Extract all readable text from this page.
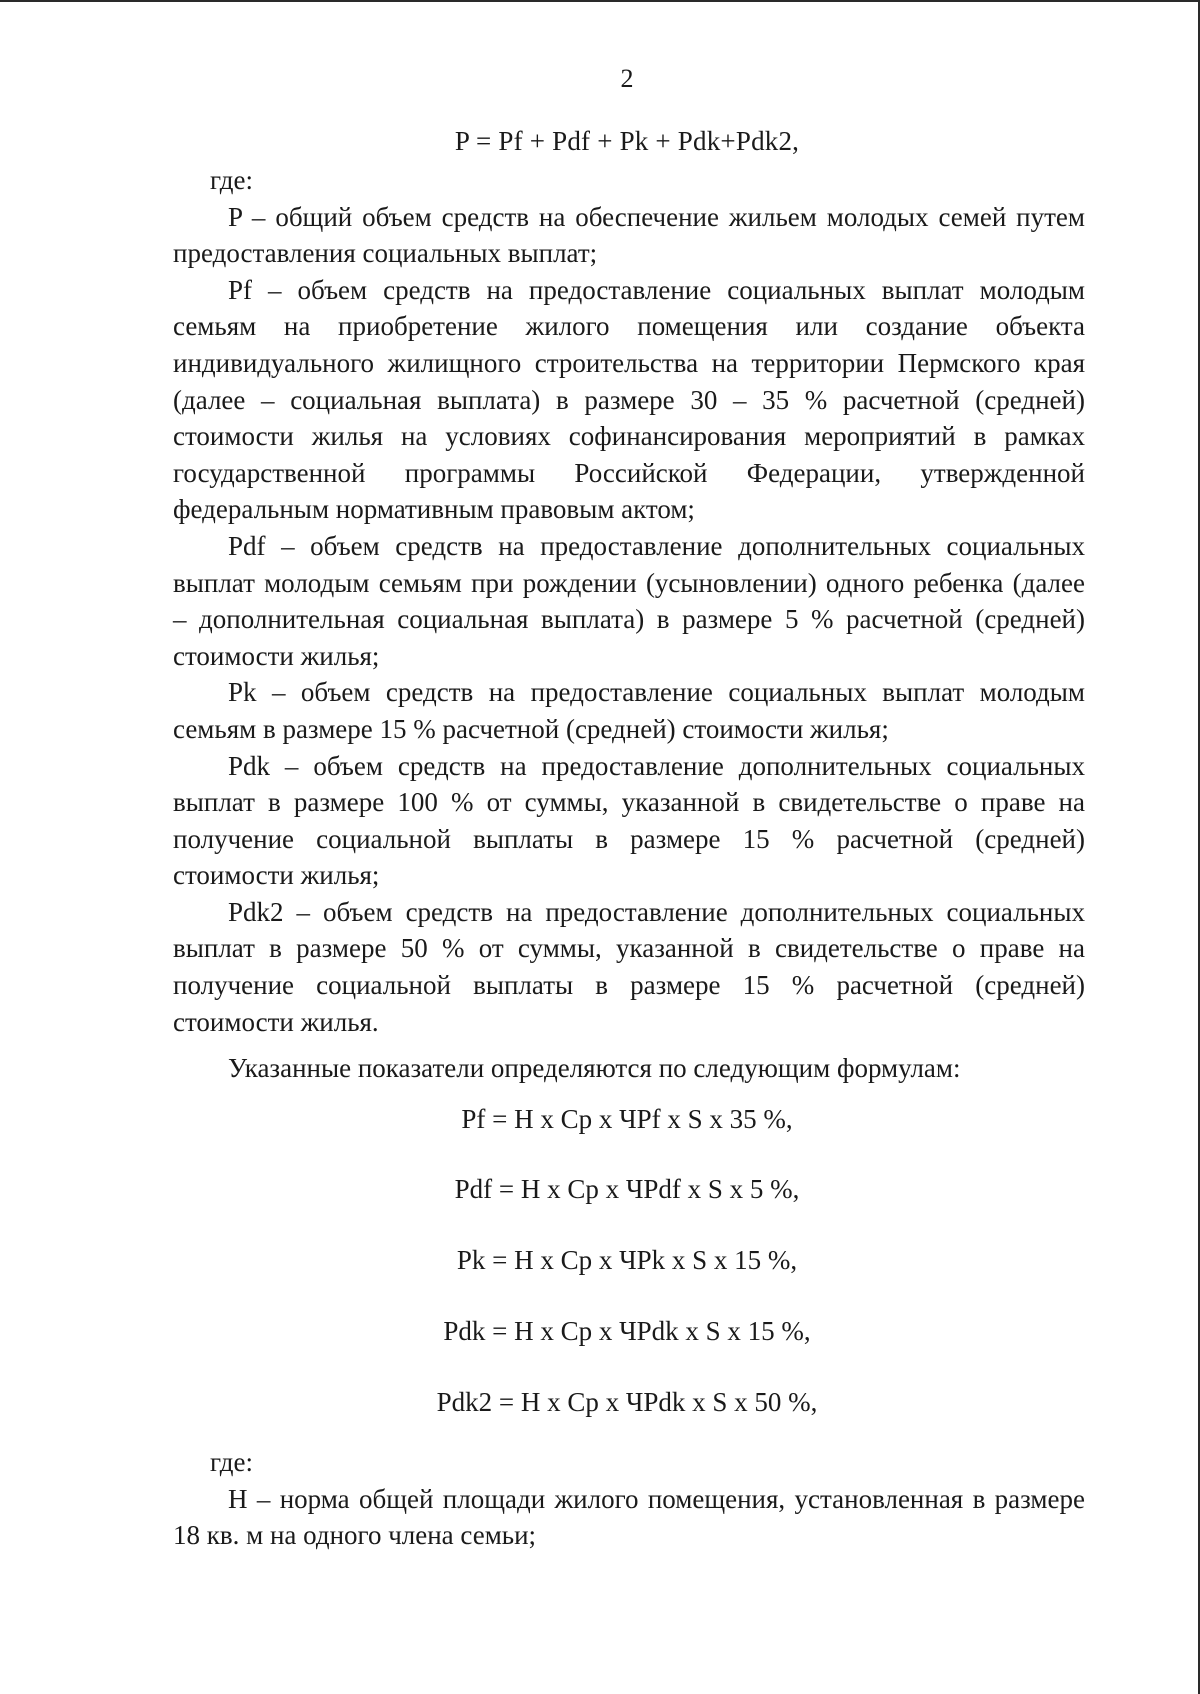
2
P = Pf + Pdf + Pk + Pdk+Pdk2,

где:

P – общий объем средств на обеспечение жильем молодых семей путем предоставления социальных выплат;

Pf – объем средств на предоставление социальных выплат молодым семьям на приобретение жилого помещения или создание объекта индивидуального жилищного строительства на территории Пермского края (далее – социальная выплата) в размере 30 – 35 % расчетной (средней) стоимости жилья на условиях софинансирования мероприятий в рамках государственной программы Российской Федерации, утвержденной федеральным нормативным правовым актом;

Pdf – объем средств на предоставление дополнительных социальных выплат молодым семьям при рождении (усыновлении) одного ребенка (далее – дополнительная социальная выплата) в размере 5 % расчетной (средней) стоимости жилья;

Pk – объем средств на предоставление социальных выплат молодым семьям в размере 15 % расчетной (средней) стоимости жилья;

Pdk – объем средств на предоставление дополнительных социальных выплат в размере 100 % от суммы, указанной в свидетельстве о праве на получение социальной выплаты в размере 15 % расчетной (средней) стоимости жилья;

Pdk2 – объем средств на предоставление дополнительных социальных выплат в размере 50 % от суммы, указанной в свидетельстве о праве на получение социальной выплаты в размере 15 % расчетной (средней) стоимости жилья.

Указанные показатели определяются по следующим формулам:

Pf = Н х Ср х ЧPf х S х 35 %,
Pdf = Н х Ср х ЧPdf х S х 5 %,
Pk = Н х Ср х ЧPk х S х 15 %,
Pdk = Н х Ср х ЧPdk х S х 15 %,
Pdk2 = Н х Ср х ЧPdk х S х 50 %,

где:

Н – норма общей площади жилого помещения, установленная в размере 18 кв. м на одного члена семьи;
